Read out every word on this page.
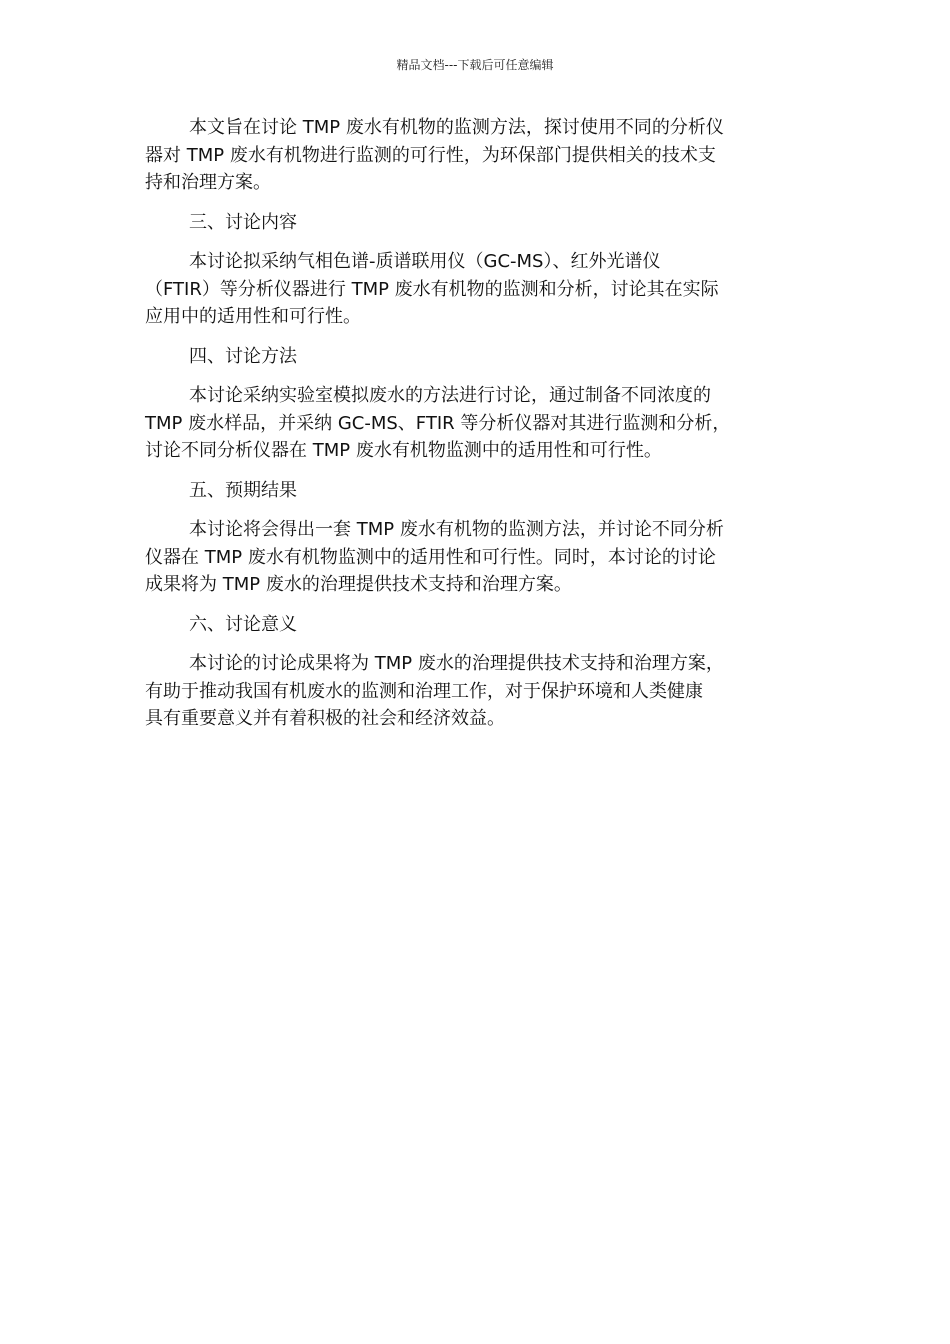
精品文档---下载后可任意编辑

本文旨在讨论 TMP 废水有机物的监测方法，探讨使用不同的分析仪
器对 TMP 废水有机物进行监测的可行性，为环保部门提供相关的技术支
持和治理方案。

三、讨论内容

本讨论拟采纳气相色谱-质谱联用仪（GC-MS）、红外光谱仪
（FTIR）等分析仪器进行 TMP 废水有机物的监测和分析，讨论其在实际
应用中的适用性和可行性。

四、讨论方法

本讨论采纳实验室模拟废水的方法进行讨论，通过制备不同浓度的
TMP 废水样品，并采纳 GC-MS、FTIR 等分析仪器对其进行监测和分析，
讨论不同分析仪器在 TMP 废水有机物监测中的适用性和可行性。

五、预期结果

本讨论将会得出一套 TMP 废水有机物的监测方法，并讨论不同分析
仪器在 TMP 废水有机物监测中的适用性和可行性。同时，本讨论的讨论
成果将为 TMP 废水的治理提供技术支持和治理方案。

六、讨论意义

本讨论的讨论成果将为 TMP 废水的治理提供技术支持和治理方案，
有助于推动我国有机废水的监测和治理工作，对于保护环境和人类健康
具有重要意义并有着积极的社会和经济效益。
